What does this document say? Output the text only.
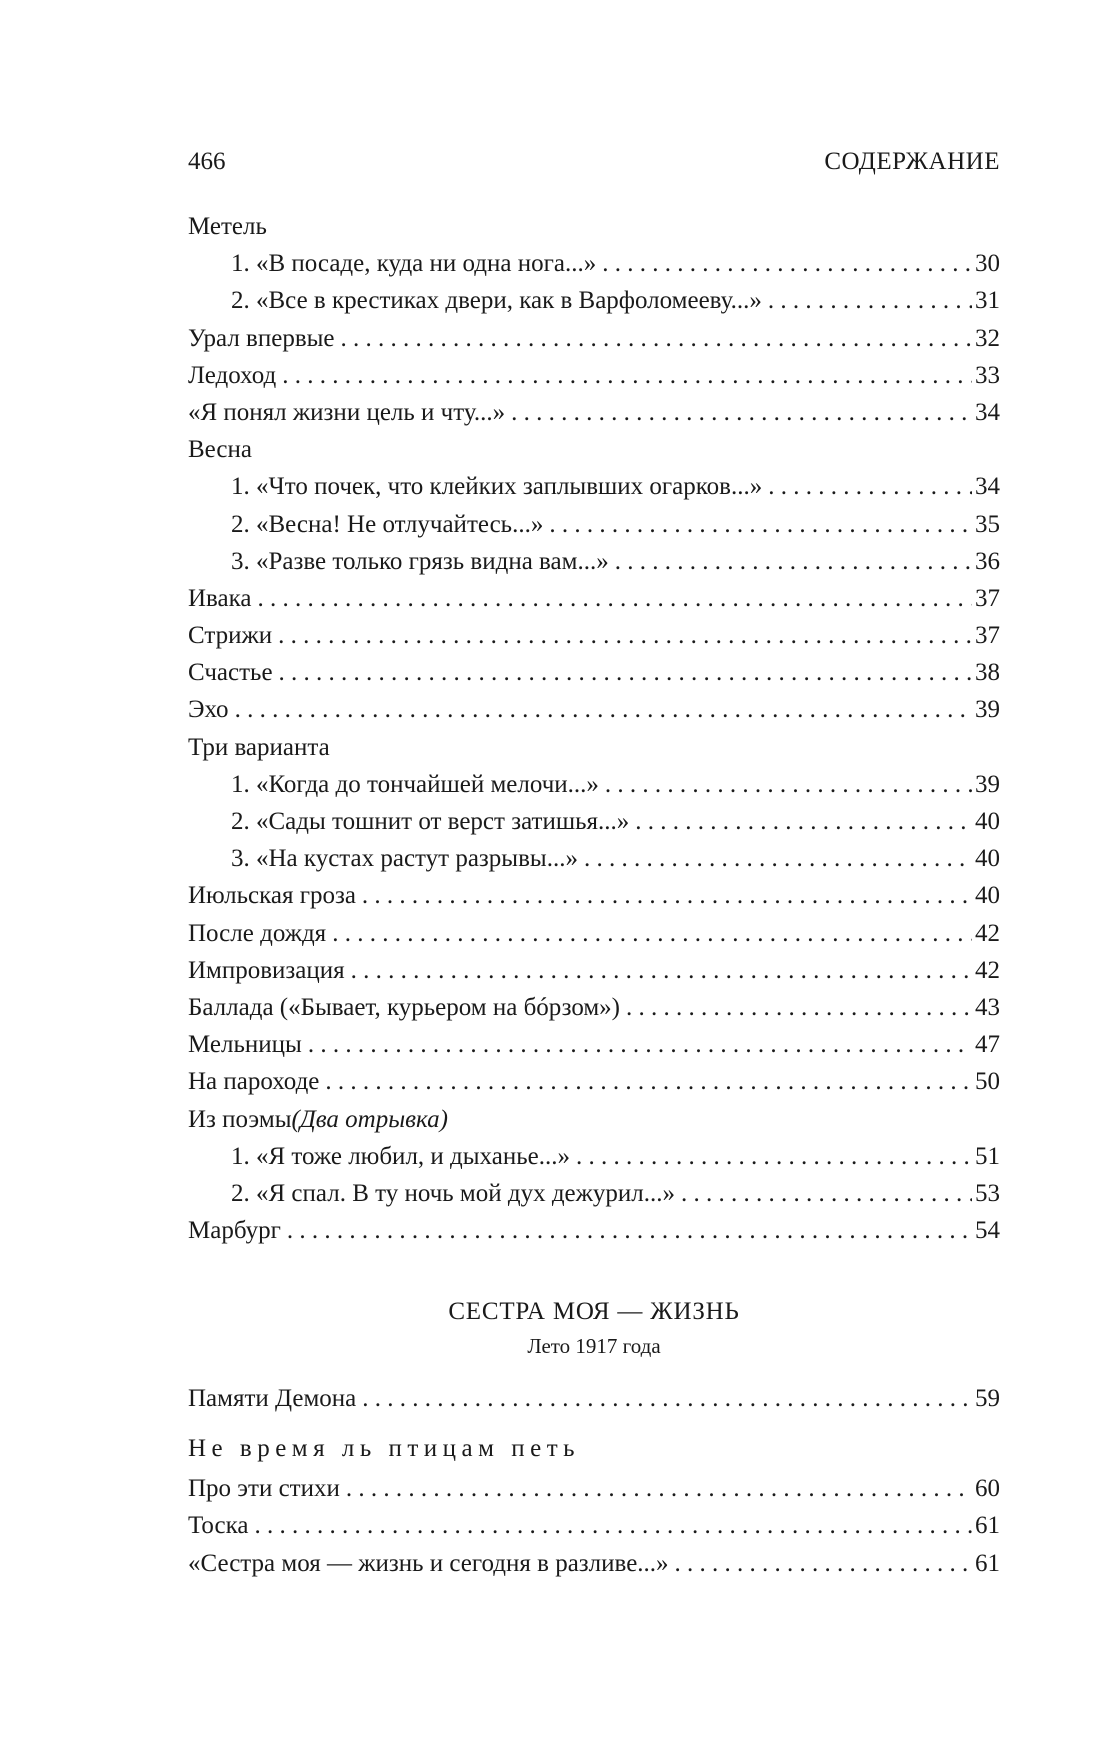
466	СОДЕРЖАНИЕ
Метель
1. «В посаде, куда ни одна нога...» . . .	30
2. «Все в крестиках двери, как в Варфоломееву...» . . .	31
Урал впервые . . .	32
Ледоход . . .	33
«Я понял жизни цель и чту...» . . .	34
Весна
1. «Что почек, что клейких заплывших огарков...» . . .	34
2. «Весна! Не отлучайтесь...» . . .	35
3. «Разве только грязь видна вам...» . . .	36
Ивака . . .	37
Стрижи . . .	37
Счастье . . .	38
Эхо . . .	39
Три варианта
1. «Когда до тончайшей мелочи...» . . .	39
2. «Сады тошнит от верст затишья...» . . .	40
3. «На кустах растут разрывы...» . . .	40
Июльская гроза . . .	40
После дождя . . .	42
Импровизация . . .	42
Баллада («Бывает, курьером на бóрзом») . . .	43
Мельницы . . .	47
На пароходе . . .	50
Из поэмы (Два отрывка)
1. «Я тоже любил, и дыханье...» . . .	51
2. «Я спал. В ту ночь мой дух дежурил...» . . .	53
Марбург . . .	54
СЕСТРА МОЯ — ЖИЗНЬ
Лето 1917 года
Памяти Демона . . .	59
Не время ль птицам петь
Про эти стихи . . .	60
Тоска . . .	61
«Сестра моя — жизнь и сегодня в разливе...» . . .	61
